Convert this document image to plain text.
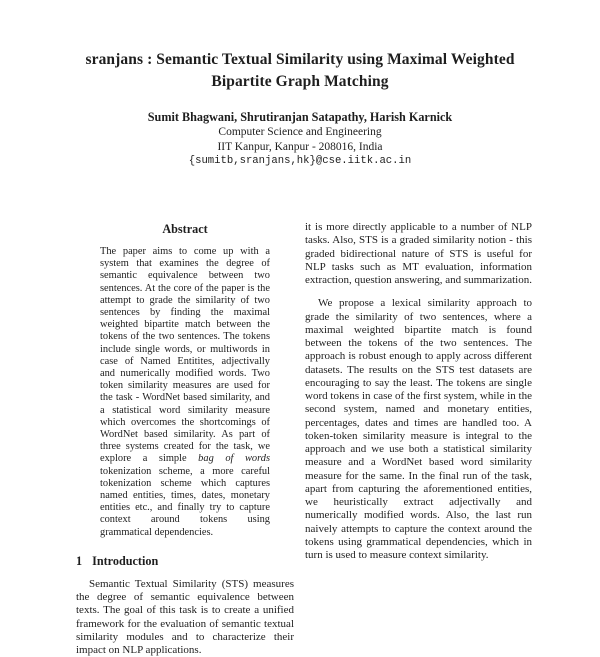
sranjans : Semantic Textual Similarity using Maximal Weighted
Bipartite Graph Matching
Sumit Bhagwani, Shrutiranjan Satapathy, Harish Karnick
Computer Science and Engineering
IIT Kanpur, Kanpur - 208016, India
{sumitb,sranjans,hk}@cse.iitk.ac.in
Abstract
The paper aims to come up with a system that examines the degree of semantic equivalence between two sentences. At the core of the paper is the attempt to grade the similarity of two sentences by finding the maximal weighted bipartite match between the tokens of the two sentences. The tokens include single words, or multiwords in case of Named Entitites, adjectivally and numerically modified words. Two token similarity measures are used for the task - WordNet based similarity, and a statistical word similarity measure which overcomes the shortcomings of WordNet based similarity. As part of three systems created for the task, we explore a simple bag of words tokenization scheme, a more careful tokenization scheme which captures named entities, times, dates, monetary entities etc., and finally try to capture context around tokens using grammatical dependencies.
1 Introduction

Semantic Textual Similarity (STS) measures the degree of semantic equivalence between texts. The goal of this task is to create a unified framework for the evaluation of semantic textual similarity modules and to characterize their impact on NLP applications.

it is more directly applicable to a number of NLP tasks. Also, STS is a graded similarity notion - this graded bidirectional nature of STS is useful for NLP tasks such as MT evaluation, information extraction, question answering, and summarization.

We propose a lexical similarity approach to grade the similarity of two sentences, where a maximal weighted bipartite match is found between the tokens of the two sentences. The approach is robust enough to apply across different datasets. The results on the STS test datasets are encouraging to say the least. The tokens are single word tokens in case of the first system, while in the second system, named and monetary entities, percentages, dates and times are handled too. A token-token similarity measure is integral to the approach and we use both a statistical similarity measure and a WordNet based word similarity measure for the same. In the final run of the task, apart from capturing the aforementioned entities, we heuristically extract adjectivally and numerically modified words. Also, the last run naively attempts to capture the context around the tokens using grammatical dependencies, which in turn is used to measure context similarity.
